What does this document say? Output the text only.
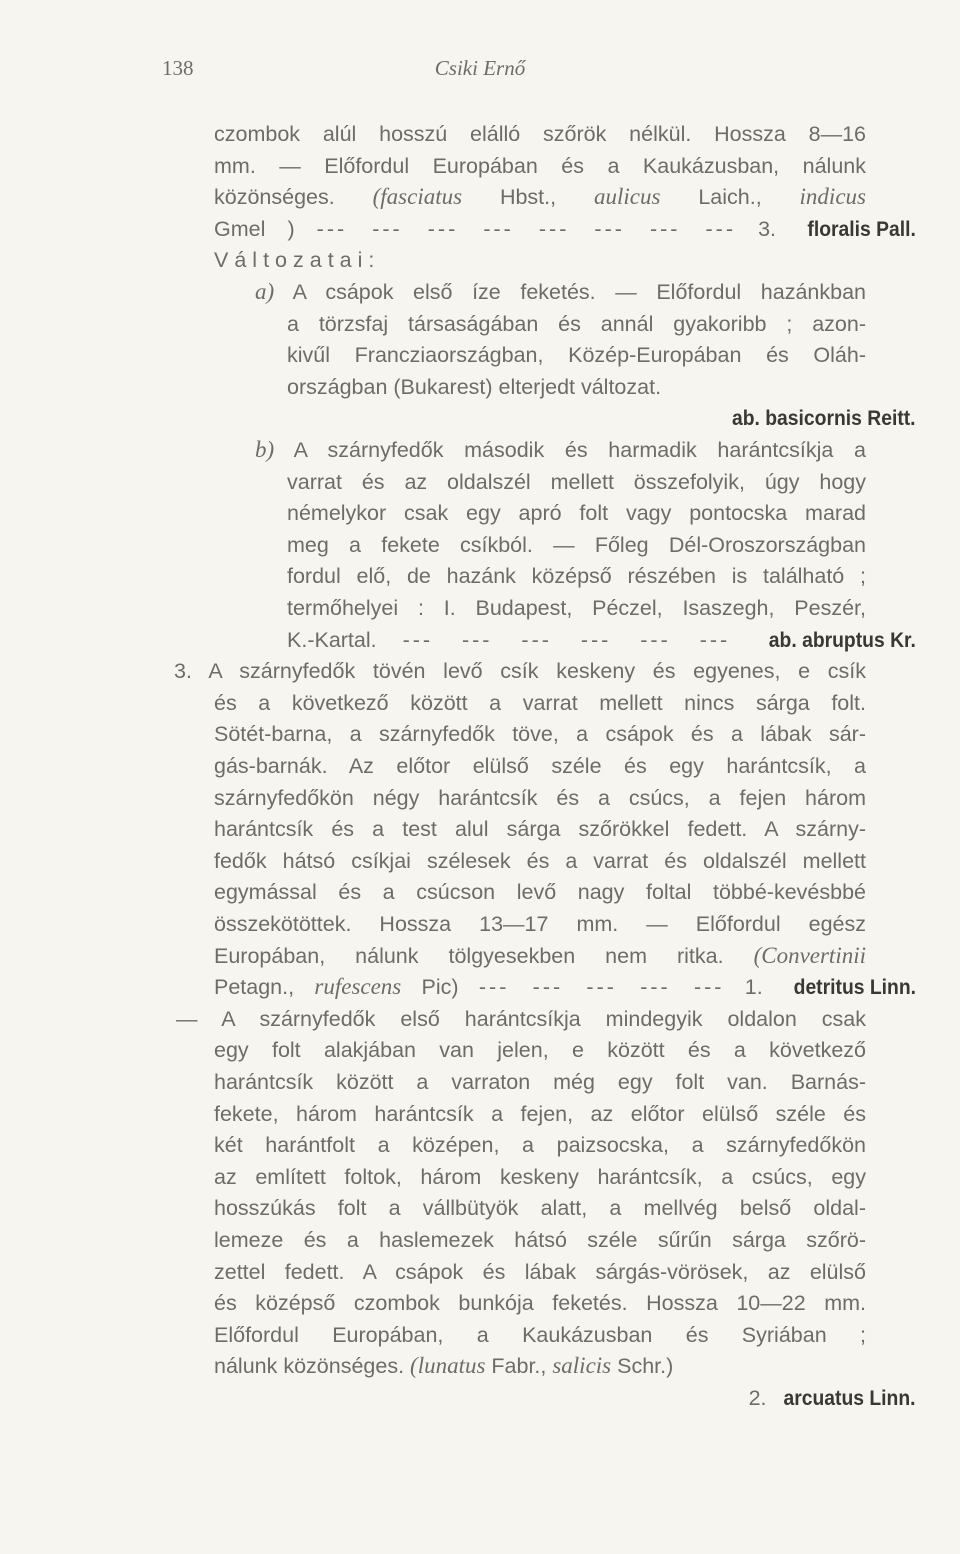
138	Csiki Ernő
czombok alúl hosszú elálló szőrök nélkül. Hossza 8—16
mm. — Előfordul Europában és a Kaukázusban, nálunk
közönséges. (fasciatus Hbst., aulicus Laich., indicus
Gmel ) --- --- --- --- --- --- --- --- 3. floralis Pall.
Változatai:
a) A csápok első íze feketés. — Előfordul hazánkban
a törzsfaj társaságában és annál gyakoribb ; azon-
kivűl Francziaországban, Közép-Europában és Oláh-
országban (Bukarest) elterjedt változat.
ab. basicornis Reitt.
b) A szárnyfedők második és harmadik harántcsíkja a
varrat és az oldalszél mellett összefolyik, úgy hogy
némelykor csak egy apró folt vagy pontocska marad
meg a fekete csíkból. — Főleg Dél-Oroszországban
fordul elő, de hazánk középső részében is található ;
termőhelyei : I. Budapest, Péczel, Isaszegh, Peszér,
K.-Kartal. --- --- --- --- --- --- ab. abruptus Kr.
3. A szárnyfedők tövén levő csík keskeny és egyenes, e csík
és a következő között a varrat mellett nincs sárga folt.
Sötét-barna, a szárnyfedők töve, a csápok és a lábak sár-
gás-barnák. Az előtor elülső széle és egy harántcsík, a
szárnyfedőkön négy harántcsík és a csúcs, a fejen három
harántcsík és a test alul sárga szőrökkel fedett. A szárny-
fedők hátsó csíkjai szélesek és a varrat és oldalszél mellett
egymással és a csúcson levő nagy foltal többé-kevésbbé
összekötöttek. Hossza 13—17 mm. — Előfordul egész
Europában, nálunk tölgyesekben nem ritka. (Convertinii
Petagn., rufescens Pic) --- --- --- --- --- 1. detritus Linn.
— A szárnyfedők első harántcsíkja mindegyik oldalon csak
egy folt alakjában van jelen, e között és a következő
harántcsík között a varraton még egy folt van. Barnás-
fekete, három harántcsík a fejen, az előtor elülső széle és
két harántfolt a középen, a paizsocska, a szárnyfedőkön
az említett foltok, három keskeny harántcsík, a csúcs, egy
hosszúkás folt a vállbütyök alatt, a mellvég belső oldal-
lemeze és a haslemezek hátsó széle sűrűn sárga szőrö-
zettel fedett. A csápok és lábak sárgás-vörösek, az elülső
és középső czombok bunkója feketés. Hossza 10—22 mm.
Előfordul Europában, a Kaukázusban és Syriában ;
nálunk közönséges. (lunatus Fabr., salicis Schr.)
2. arcuatus Linn.
